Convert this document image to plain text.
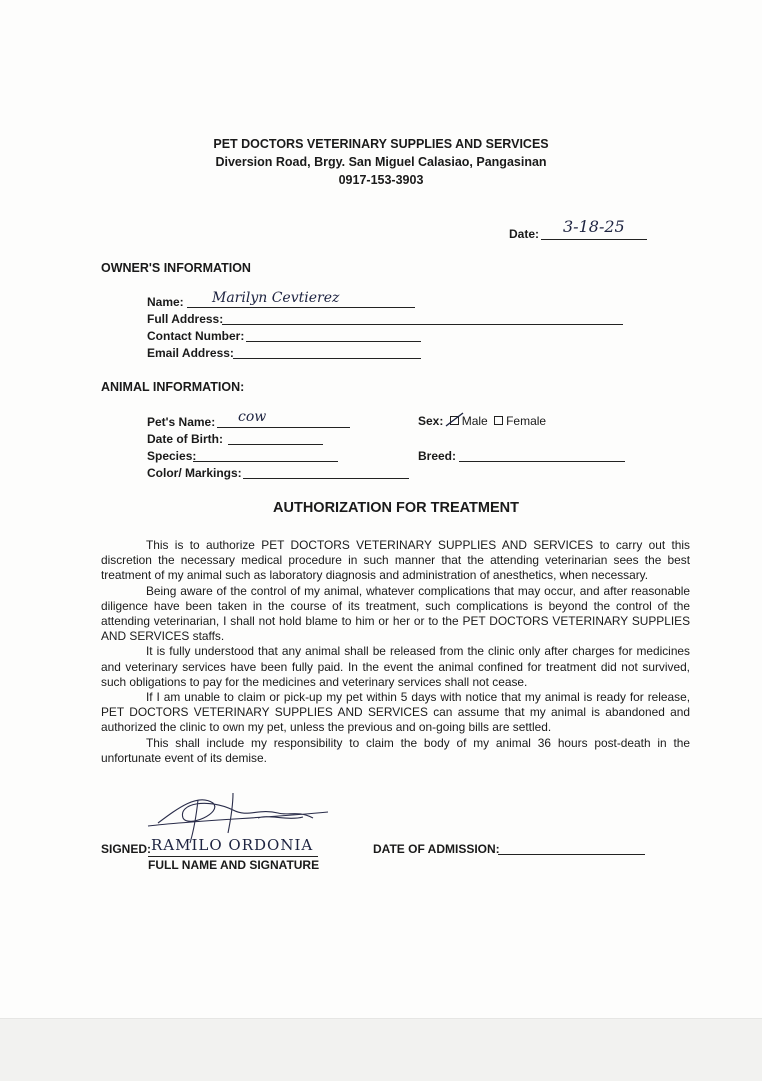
PET DOCTORS VETERINARY SUPPLIES AND SERVICES
Diversion Road, Brgy. San Miguel Calasiao, Pangasinan
0917-153-3903
Date: 3-18-25
OWNER'S INFORMATION
Name: Marilyn Cevtierez
Full Address:
Contact Number:
Email Address:
ANIMAL INFORMATION:
Pet's Name: cow
Date of Birth:
Species:
Color/ Markings:
Sex: Male Female
Breed:
AUTHORIZATION FOR TREATMENT

This is to authorize PET DOCTORS VETERINARY SUPPLIES AND SERVICES to carry out this discretion the necessary medical procedure in such manner that the attending veterinarian sees the best treatment of my animal such as laboratory diagnosis and administration of anesthetics, when necessary.

Being aware of the control of my animal, whatever complications that may occur, and after reasonable diligence have been taken in the course of its treatment, such complications is beyond the control of the attending veterinarian, I shall not hold blame to him or her or to the PET DOCTORS VETERINARY SUPPLIES AND SERVICES staffs.

It is fully understood that any animal shall be released from the clinic only after charges for medicines and veterinary services have been fully paid. In the event the animal confined for treatment did not survived, such obligations to pay for the medicines and veterinary services shall not cease.

If I am unable to claim or pick-up my pet within 5 days with notice that my animal is ready for release, PET DOCTORS VETERINARY SUPPLIES AND SERVICES can assume that my animal is abandoned and authorized the clinic to own my pet, unless the previous and on-going bills are settled.

This shall include my responsibility to claim the body of my animal 36 hours post-death in the unfortunate event of its demise.

SIGNED: RAMILO ORDONIA
FULL NAME AND SIGNATURE
DATE OF ADMISSION:
